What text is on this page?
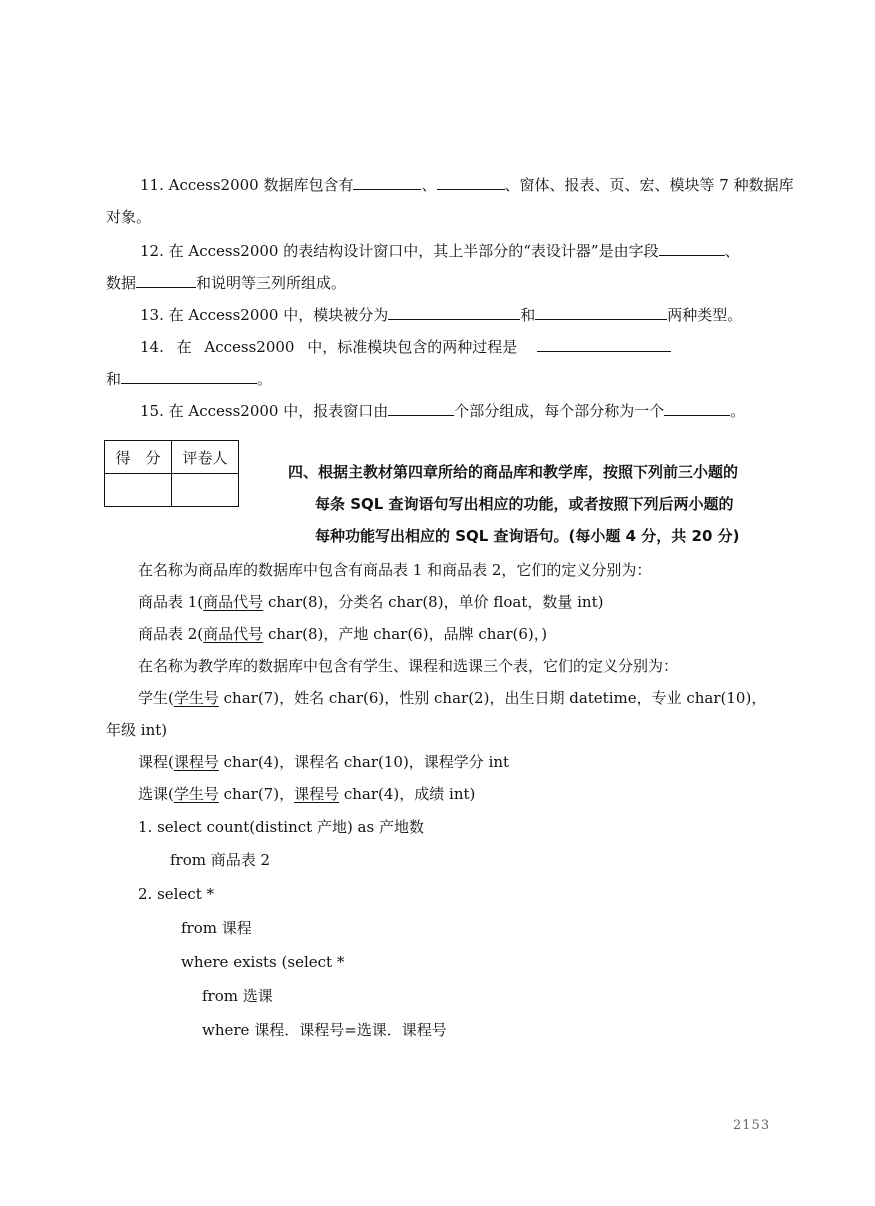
11. Access2000 数据库包含有	、	、窗体、报表、页、宏、模块等 7 种数据库
对象。
12. 在 Access2000 的表结构设计窗口中，其上半部分的“表设计器”是由字段	、
数据	和说明等三列所组成。
13. 在 Access2000 中，模块被分为	和	两种类型。
14. 在 Access2000 中，标准模块包含的两种过程是
和	。
15. 在 Access2000 中，报表窗口由	个部分组成，每个部分称为一个	。
得　分	评卷人

四、根据主教材第四章所给的商品库和教学库，按照下列前三小题的
每条 SQL 查询语句写出相应的功能，或者按照下列后两小题的
每种功能写出相应的 SQL 查询语句。(每小题 4 分，共 20 分)
在名称为商品库的数据库中包含有商品表 1 和商品表 2，它们的定义分别为：
商品表 1(商品代号 char(8)，分类名 char(8)，单价 float，数量 int)
商品表 2(商品代号 char(8)，产地 char(6)，品牌 char(6)，)
在名称为教学库的数据库中包含有学生、课程和选课三个表，它们的定义分别为：
学生(学生号 char(7)，姓名 char(6)，性别 char(2)，出生日期 datetime，专业 char(10)，
年级 int)
课程(课程号 char(4)，课程名 char(10)，课程学分 int
选课(学生号 char(7)，课程号 char(4)，成绩 int)
1. select count(distinct 产地) as 产地数
from 商品表 2
2. select *
from 课程
where exists (select *
from 选课
where 课程．课程号=选课．课程号
2153
